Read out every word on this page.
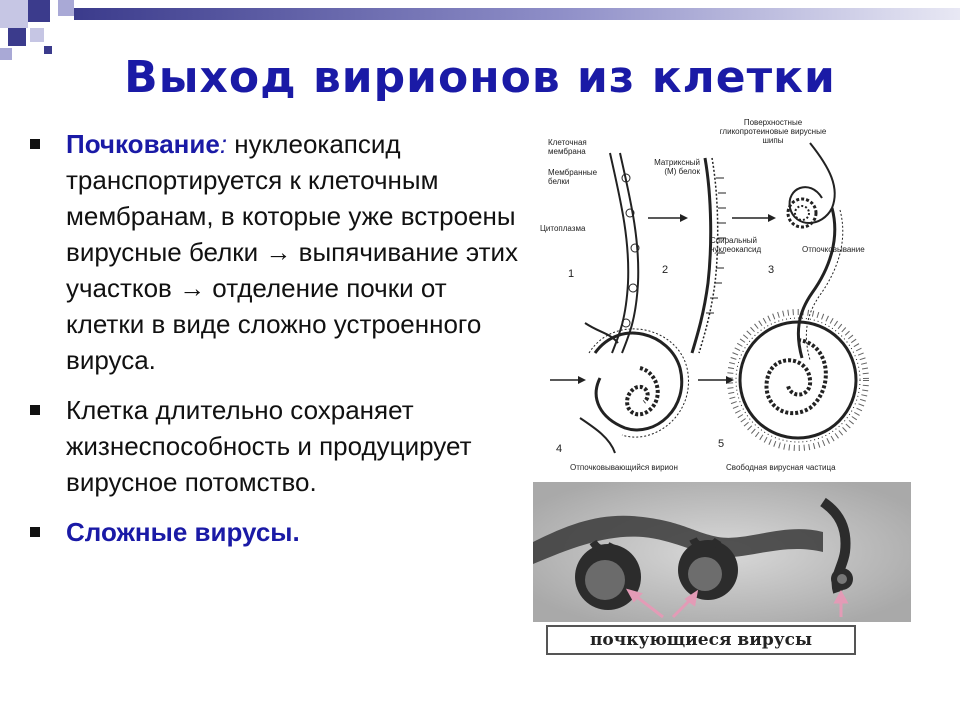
Выход вирионов из клетки
Почкование: нуклеокапсид транспортируется к клеточным мембранам, в которые уже встроены вирусные белки → выпячивание этих участков → отделение почки от клетки в виде сложно устроенного вируса.
Клетка длительно сохраняет жизнеспособность и продуцирует вирусное потомство.
Сложные вирусы.
Клеточная мембрана
Мембранные белки
Цитоплазма
Матриксный (М) белок
Поверхностные гликопротеиновые вирусные шипы
Спиральный нуклеокапсид	Отпочковывание
Отпочковывающийся вирион	Свободная вирусная частица
1	2	3
4	5
почкующиеся вирусы
